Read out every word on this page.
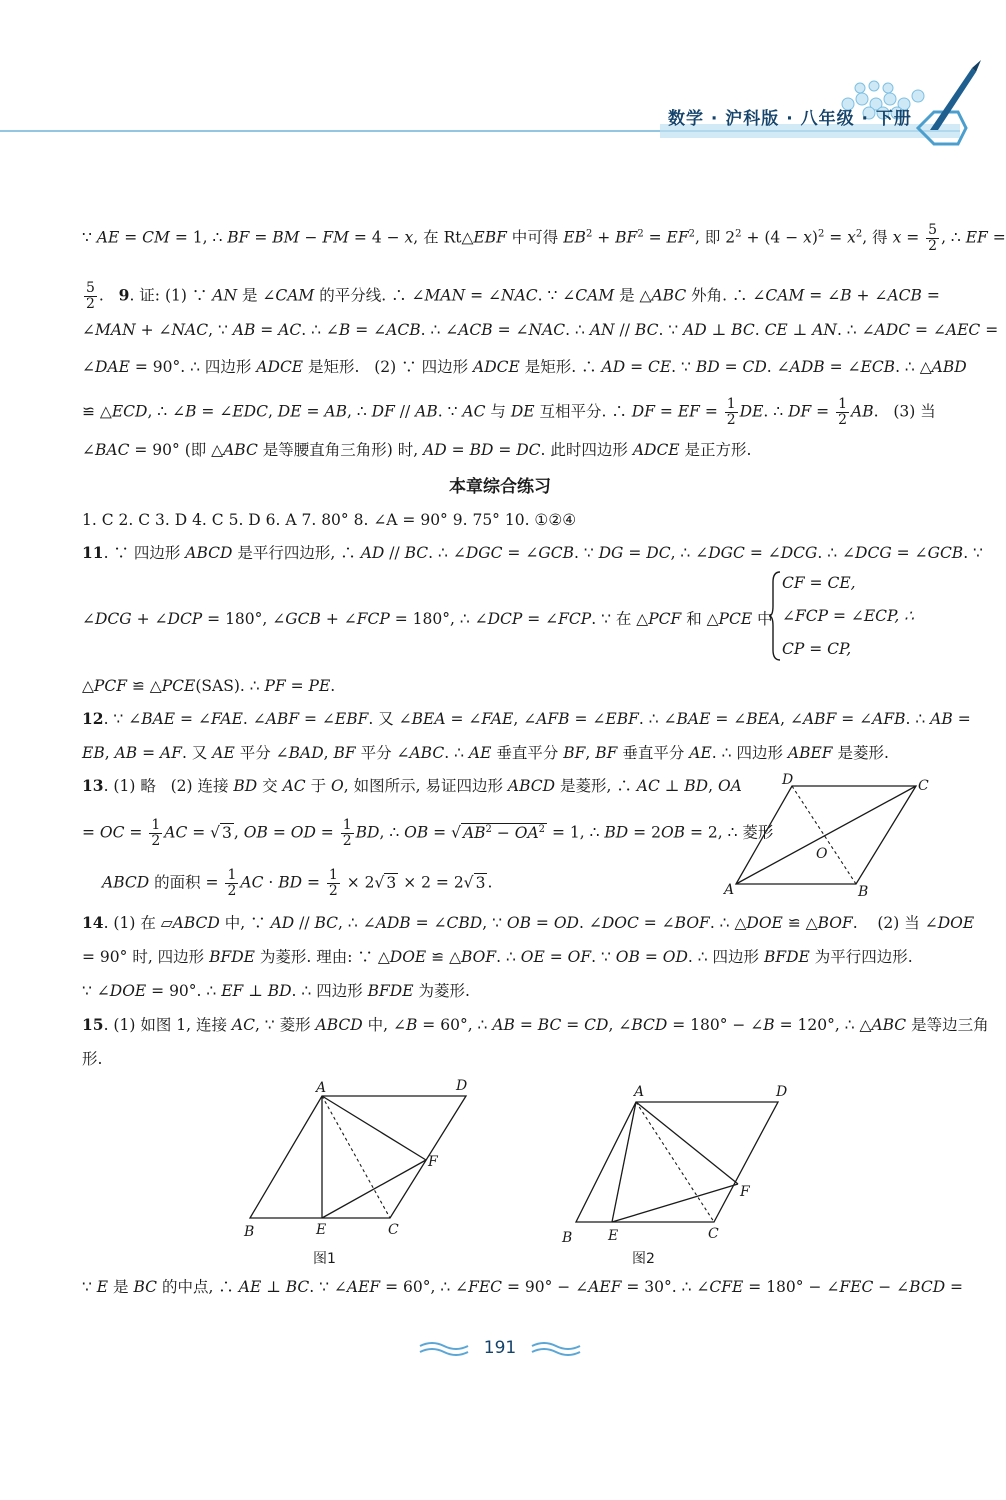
数学 · 沪科版 · 八年级 · 下册
∵ AE = CM = 1, ∴ BF = BM − FM = 4 − x, 在 Rt△EBF 中可得 $EB^2 + BF^2 = EF^2$, 即 $2^2 + (4 - x)^2 = x^2$, 得 $x = \frac{5}{2}$ , ∴ EF =
$\frac{5}{2}$ .   9. 证: (1) ∵ AN 是 ∠CAM 的平分线. ∴ ∠MAN = ∠NAC. ∵ ∠CAM 是 △ABC 外角. ∴ ∠CAM = ∠B + ∠ACB =
∠MAN + ∠NAC, ∵ AB = AC. ∴ ∠B = ∠ACB. ∴ ∠ACB = ∠NAC. ∴ AN // BC. ∵ AD ⊥ BC. CE ⊥ AN. ∴ ∠ADC = ∠AEC =
∠DAE = 90°. ∴ 四边形 ADCE 是矩形.   (2) ∵ 四边形 ADCE 是矩形. ∴ AD = CE. ∵ BD = CD. ∠ADB = ∠ECB. ∴ △ABD
≌ △ECD, ∴ ∠B = ∠EDC, DE = AB, ∴ DF // AB. ∵ AC 与 DE 互相平分. ∴ DF = EF = $\frac{1}{2}$ DE. ∴ DF = $\frac{1}{2}$ AB.   (3) 当
∠BAC = 90° (即 △ABC 是等腰直角三角形) 时, AD = BD = DC. 此时四边形 ADCE 是正方形.
本章综合练习
1. C 2. C 3. D 4. C 5. D 6. A 7. 80° 8. ∠A = 90° 9. 75° 10. ①②④
11. ∵ 四边形 ABCD 是平行四边形, ∴ AD // BC. ∴ ∠DGC = ∠GCB. ∵ DG = DC, ∴ ∠DGC = ∠DCG. ∴ ∠DCG = ∠GCB. ∵
∠DCG + ∠DCP = 180°, ∠GCB + ∠FCP = 180°, ∴ ∠DCP = ∠FCP. ∵ 在 △PCF 和 △PCE 中
CF = CE,
∠FCP = ∠ECP, ∴
CP = CP,
△PCF ≌ △PCE(SAS). ∴ PF = PE.
12. ∵ ∠BAE = ∠FAE. ∠ABF = ∠EBF. 又 ∠BEA = ∠FAE, ∠AFB = ∠EBF. ∴ ∠BAE = ∠BEA, ∠ABF = ∠AFB. ∴ AB =
EB, AB = AF. 又 AE 平分 ∠BAD, BF 平分 ∠ABC. ∴ AE 垂直平分 BF, BF 垂直平分 AE. ∴ 四边形 ABEF 是菱形.
13. (1) 略   (2) 连接 BD 交 AC 于 O, 如图所示, 易证四边形 ABCD 是菱形, ∴ AC ⊥ BD, OA
= OC = $\frac{1}{2}$ AC = √ 3 , OB = OD = $\frac{1}{2}$ BD, ∴ OB = √ $AB^2 - OA^2 = 1$, ∴ BD = 2OB = 2, ∴ 菱形
ABCD 的面积 = $\frac{1}{2}$ AC · BD = $\frac{1}{2} \times 2√$ 3 × 2 = 2√ 3 .
D	C
O
A	B
14. (1) 在 ▱ABCD 中, ∵ AD // BC, ∴ ∠ADB = ∠CBD, ∵ OB = OD. ∠DOC = ∠BOF. ∴ △DOE ≌ △BOF.    (2) 当 ∠DOE
= 90° 时, 四边形 BFDE 为菱形. 理由: ∵ △DOE ≌ △BOF. ∴ OE = OF. ∵ OB = OD. ∴ 四边形 BFDE 为平行四边形.
∵ ∠DOE = 90°. ∴ EF ⊥ BD. ∴ 四边形 BFDE 为菱形.
15. (1) 如图 1, 连接 AC, ∵ 菱形 ABCD 中, ∠B = 60°, ∴ AB = BC = CD, ∠BCD = 180° − ∠B = 120°, ∴ △ABC 是等边三角
形.
A	D
F
B	E	C
图1
A	D
F
B	E	C
图2
∵ E 是 BC 的中点, ∴ AE ⊥ BC. ∵ ∠AEF = 60°, ∴ ∠FEC = 90° − ∠AEF = 30°. ∴ ∠CFE = 180° − ∠FEC − ∠BCD =
191
